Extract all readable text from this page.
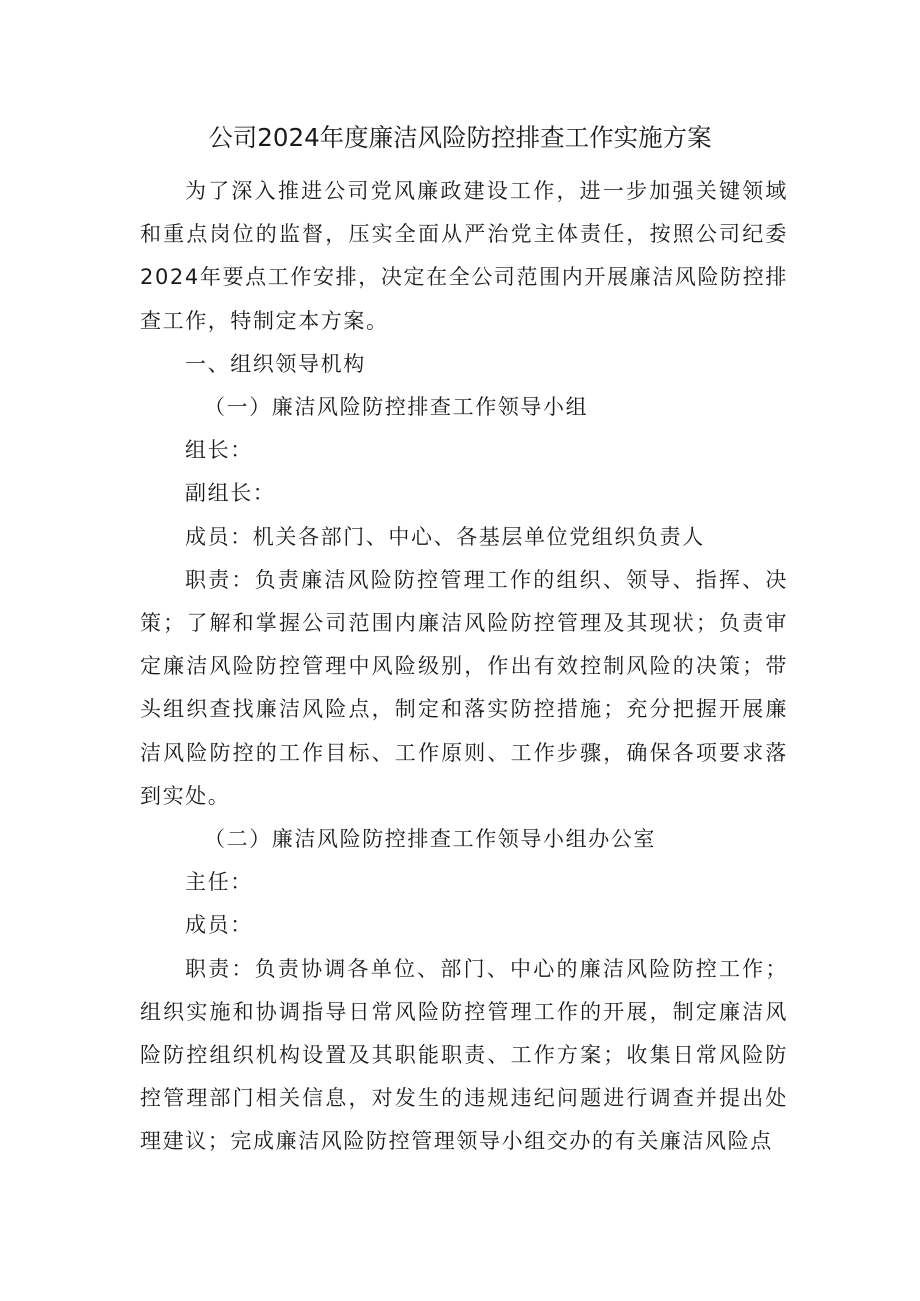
公司2024年度廉洁风险防控排查工作实施方案

为了深入推进公司党风廉政建设工作，进一步加强关键领域和重点岗位的监督，压实全面从严治党主体责任，按照公司纪委2024年要点工作安排，决定在全公司范围内开展廉洁风险防控排查工作，特制定本方案。

一、组织领导机构

（一）廉洁风险防控排查工作领导小组

组长：

副组长：

成员：机关各部门、中心、各基层单位党组织负责人

职责：负责廉洁风险防控管理工作的组织、领导、指挥、决策；了解和掌握公司范围内廉洁风险防控管理及其现状；负责审定廉洁风险防控管理中风险级别，作出有效控制风险的决策；带头组织查找廉洁风险点，制定和落实防控措施；充分把握开展廉洁风险防控的工作目标、工作原则、工作步骤，确保各项要求落到实处。

（二）廉洁风险防控排查工作领导小组办公室

主任：

成员：

职责：负责协调各单位、部门、中心的廉洁风险防控工作；组织实施和协调指导日常风险防控管理工作的开展，制定廉洁风险防控组织机构设置及其职能职责、工作方案；收集日常风险防控管理部门相关信息，对发生的违规违纪问题进行调查并提出处理建议；完成廉洁风险防控管理领导小组交办的有关廉洁风险点
